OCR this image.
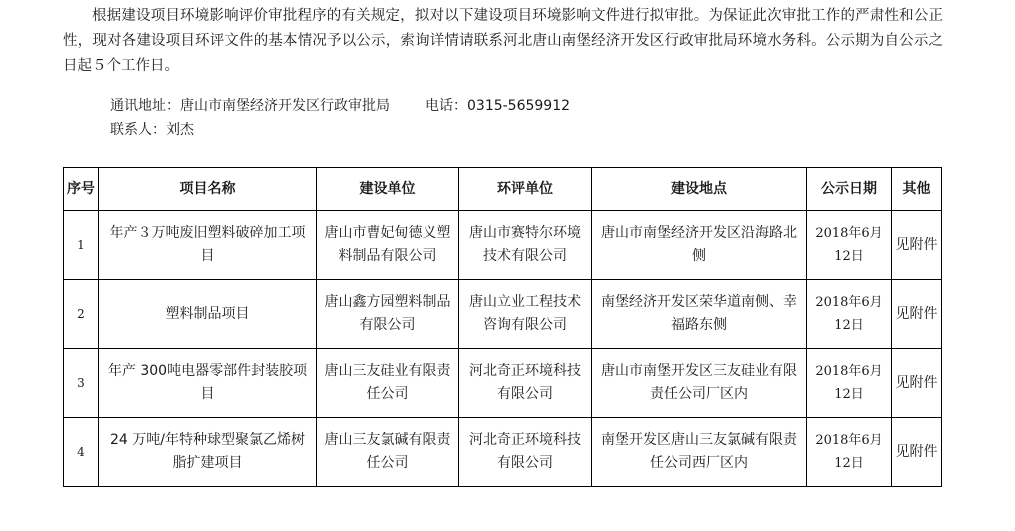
根据建设项目环境影响评价审批程序的有关规定，拟对以下建设项目环境影响文件进行拟审批。为保证此次审批工作的严肃性和公正性，现对各建设项目环评文件的基本情况予以公示，索询详情请联系河北唐山南堡经济开发区行政审批局环境水务科。公示期为自公示之日起５个工作日。

通讯地址：唐山市南堡经济开发区行政审批局	电话：0315-5659912
联系人：刘杰
序号	项目名称	建设单位	环评单位	建设地点	公示日期	其他
1	年产３万吨废旧塑料破碎加工项目	唐山市曹妃甸德义塑料制品有限公司	唐山市赛特尔环境技术有限公司	唐山市南堡经济开发区沿海路北侧	2018年6月12日	见附件
2	塑料制品项目	唐山鑫方园塑料制品有限公司	唐山立业工程技术咨询有限公司	南堡经济开发区荣华道南侧、幸福路东侧	2018年6月12日	见附件
3	年产 300吨电器零部件封装胶项目	唐山三友硅业有限责任公司	河北奇正环境科技有限公司	唐山市南堡开发区三友硅业有限责任公司厂区内	2018年6月12日	见附件
4	24 万吨/年特种球型聚氯乙烯树脂扩建项目	唐山三友氯碱有限责任公司	河北奇正环境科技有限公司	南堡开发区唐山三友氯碱有限责任公司西厂区内	2018年6月12日	见附件
